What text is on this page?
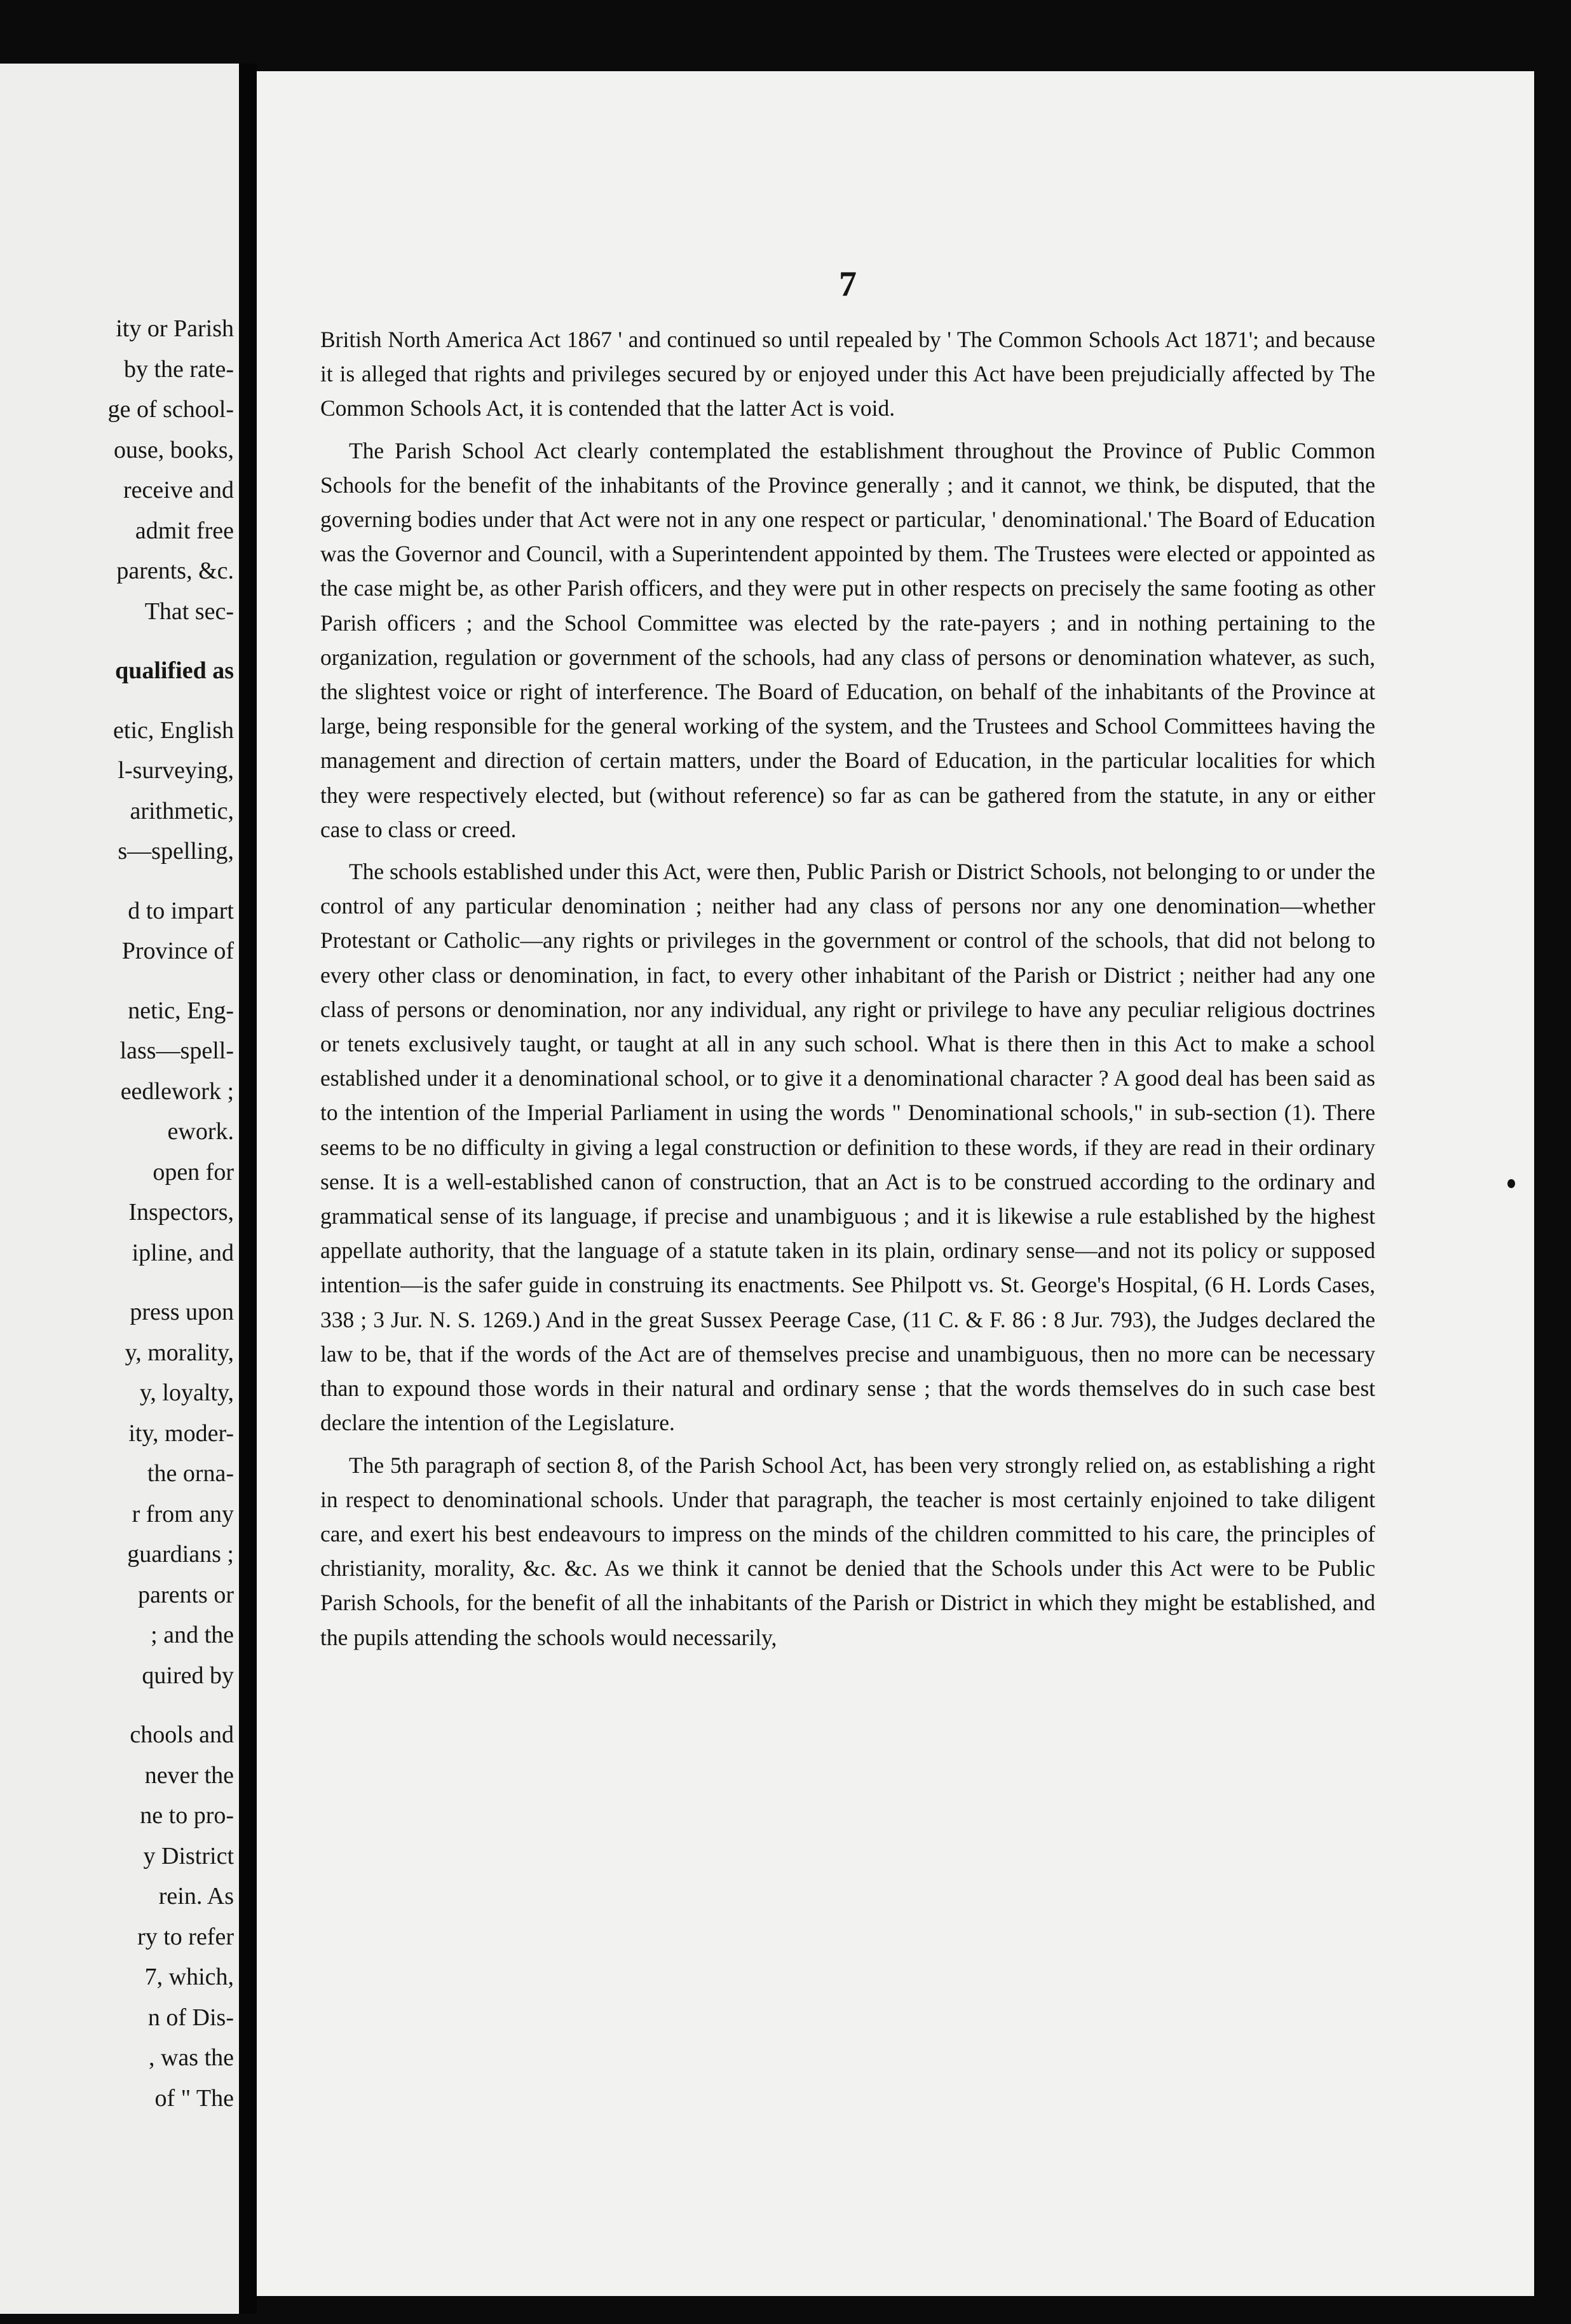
ity or Parish
by the rate-
ge of school-
ouse, books,
receive and
admit free
parents, &c.
That sec-
qualified as
etic, English
l-surveying,
arithmetic,
s—spelling,
d to impart
Province of
netic, Eng-
lass—spell-
eedlework ;
ework.
open for
Inspectors,
ipline, and
press upon
y, morality,
y, loyalty,
ity, moder-
the orna-
r from any
guardians ;
parents or
; and the
quired by
chools and
never the
ne to pro-
y District
rein. As
ry to refer
7, which,
n of Dis-
, was the
of " The
7

British North America Act 1867 ' and continued so until repealed by ' The Common Schools Act 1871'; and because it is alleged that rights and privileges secured by or enjoyed under this Act have been prejudicially affected by The Common Schools Act, it is contended that the latter Act is void.

The Parish School Act clearly contemplated the establishment throughout the Province of Public Common Schools for the benefit of the inhabitants of the Province generally ; and it cannot, we think, be disputed, that the governing bodies under that Act were not in any one respect or particular, ' denominational.' The Board of Education was the Governor and Council, with a Superintendent appointed by them. The Trustees were elected or appointed as the case might be, as other Parish officers, and they were put in other respects on precisely the same footing as other Parish officers ; and the School Committee was elected by the rate-payers ; and in nothing pertaining to the organization, regulation or government of the schools, had any class of persons or denomination whatever, as such, the slightest voice or right of interference. The Board of Education, on behalf of the inhabitants of the Province at large, being responsible for the general working of the system, and the Trustees and School Committees having the management and direction of certain matters, under the Board of Education, in the particular localities for which they were respectively elected, but (without reference) so far as can be gathered from the statute, in any or either case to class or creed.

The schools established under this Act, were then, Public Parish or District Schools, not belonging to or under the control of any particular denomination ; neither had any class of persons nor any one denomination—whether Protestant or Catholic—any rights or privileges in the government or control of the schools, that did not belong to every other class or denomination, in fact, to every other inhabitant of the Parish or District ; neither had any one class of persons or denomination, nor any individual, any right or privilege to have any peculiar religious doctrines or tenets exclusively taught, or taught at all in any such school. What is there then in this Act to make a school established under it a denominational school, or to give it a denominational character ? A good deal has been said as to the intention of the Imperial Parliament in using the words " Denominational schools," in sub-section (1). There seems to be no difficulty in giving a legal construction or definition to these words, if they are read in their ordinary sense. It is a well-established canon of construction, that an Act is to be construed according to the ordinary and grammatical sense of its language, if precise and unambiguous ; and it is likewise a rule established by the highest appellate authority, that the language of a statute taken in its plain, ordinary sense—and not its policy or supposed intention—is the safer guide in construing its enactments. See Philpott vs. St. George's Hospital, (6 H. Lords Cases, 338 ; 3 Jur. N. S. 1269.) And in the great Sussex Peerage Case, (11 C. & F. 86 : 8 Jur. 793), the Judges declared the law to be, that if the words of the Act are of themselves precise and unambiguous, then no more can be necessary than to expound those words in their natural and ordinary sense ; that the words themselves do in such case best declare the intention of the Legislature.

The 5th paragraph of section 8, of the Parish School Act, has been very strongly relied on, as establishing a right in respect to denominational schools. Under that paragraph, the teacher is most certainly enjoined to take diligent care, and exert his best endeavours to impress on the minds of the children committed to his care, the principles of christianity, morality, &c. &c. As we think it cannot be denied that the Schools under this Act were to be Public Parish Schools, for the benefit of all the inhabitants of the Parish or District in which they might be established, and the pupils attending the schools would necessarily,
